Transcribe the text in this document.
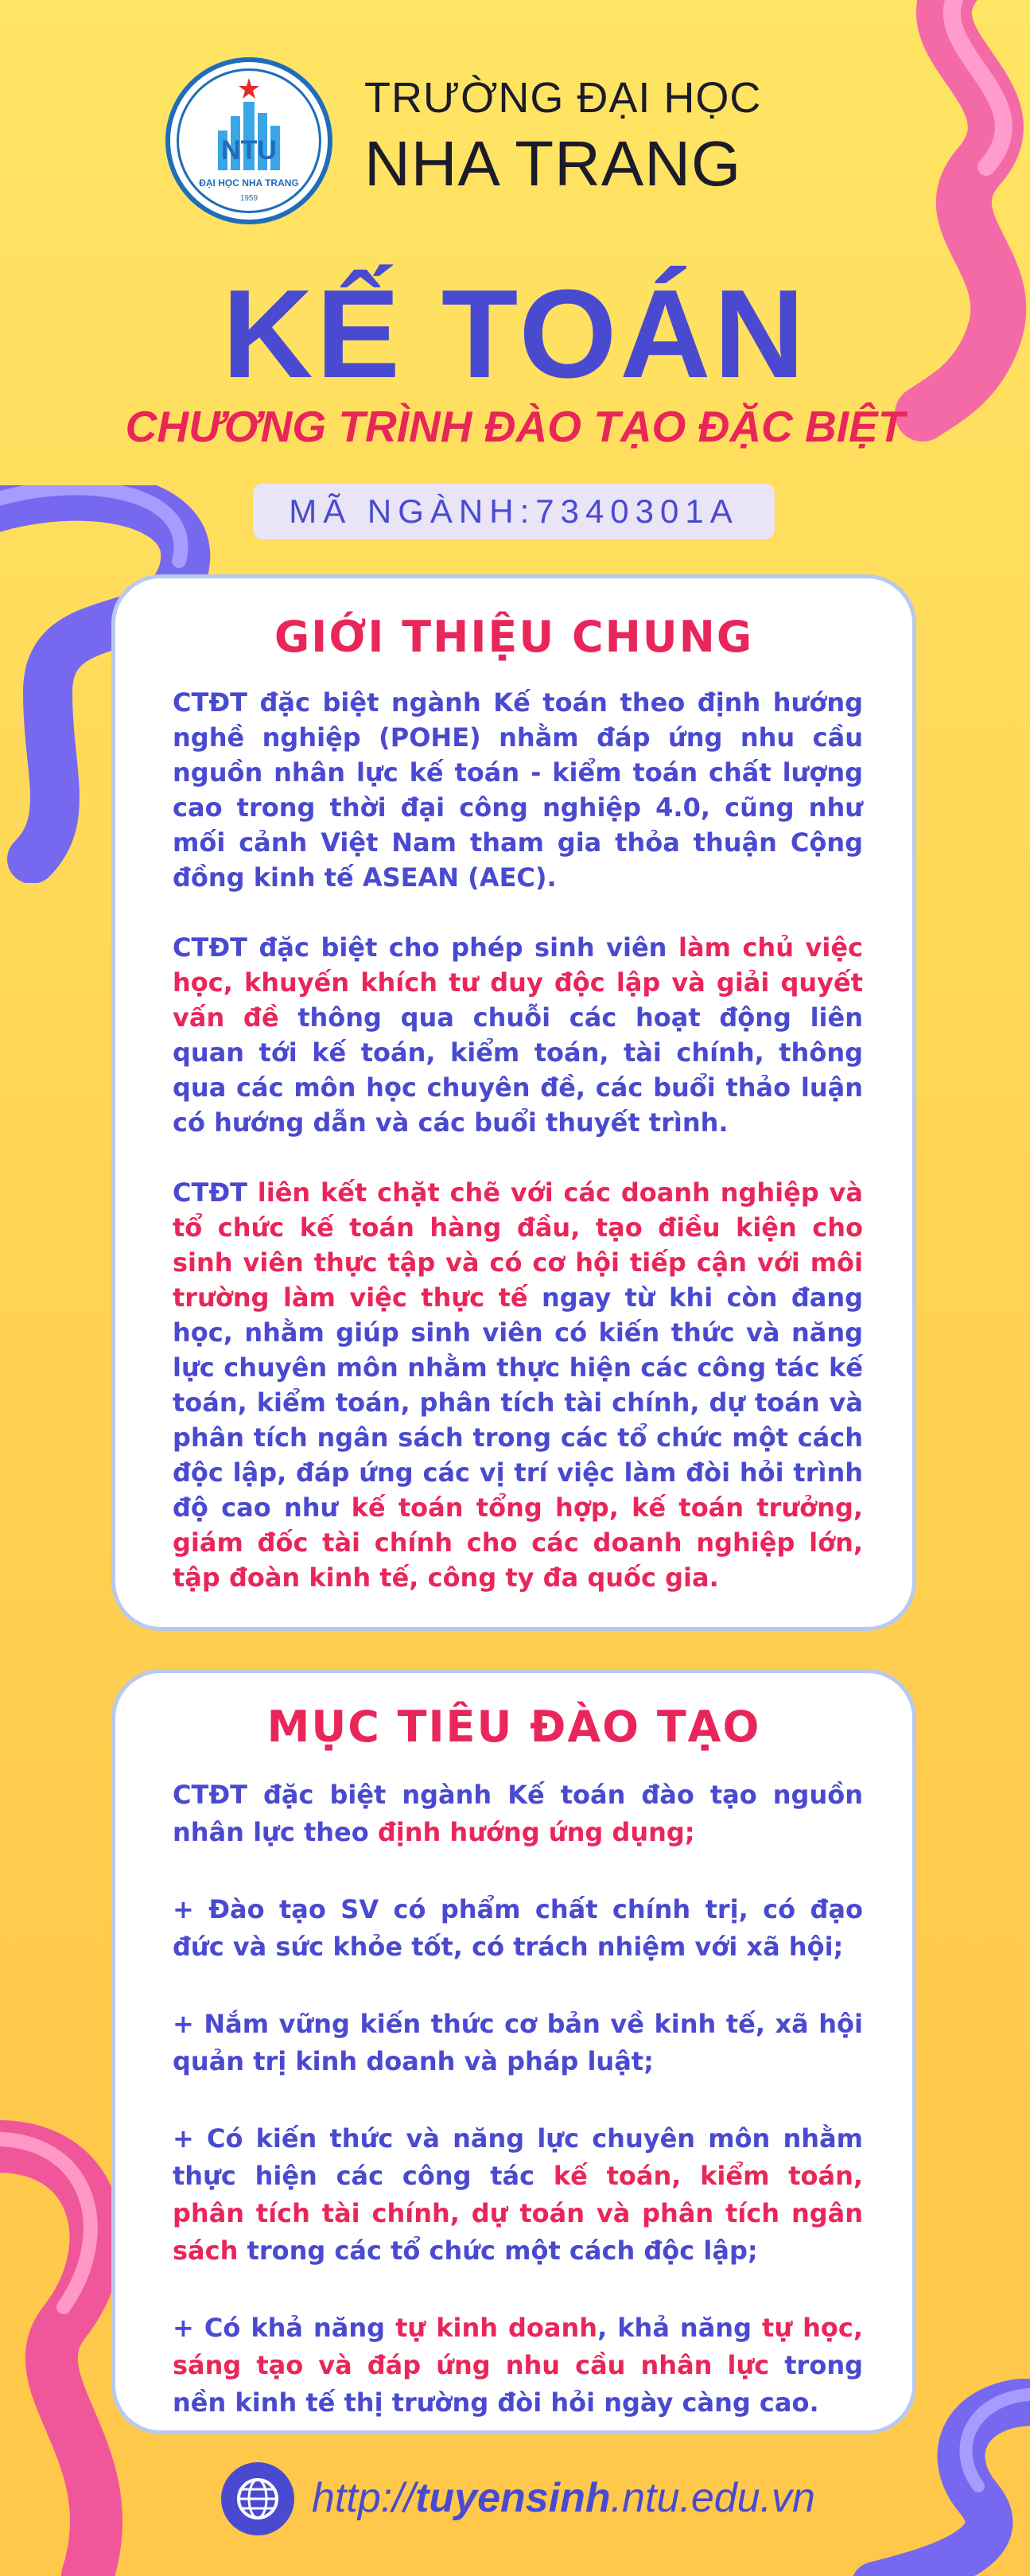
NTU
ĐẠI HỌC NHA TRANG
1959
TRƯỜNG ĐẠI HỌC
NHA TRANG
KẾ TOÁN
CHƯƠNG TRÌNH ĐÀO TẠO ĐẶC BIỆT
MÃ NGÀNH:7340301A
GIỚI THIỆU CHUNG

CTĐT đặc biệt ngành Kế toán theo định hướng nghề nghiệp (POHE) nhằm đáp ứng nhu cầu nguồn nhân lực kế toán - kiểm toán chất lượng cao trong thời đại công nghiệp 4.0, cũng như mối cảnh Việt Nam tham gia thỏa thuận Cộng đồng kinh tế ASEAN (AEC).

CTĐT đặc biệt cho phép sinh viên làm chủ việc học, khuyến khích tư duy độc lập và giải quyết vấn đề thông qua chuỗi các hoạt động liên quan tới kế toán, kiểm toán, tài chính, thông qua các môn học chuyên đề, các buổi thảo luận có hướng dẫn và các buổi thuyết trình.

CTĐT liên kết chặt chẽ với các doanh nghiệp và tổ chức kế toán hàng đầu, tạo điều kiện cho sinh viên thực tập và có cơ hội tiếp cận với môi trường làm việc thực tế ngay từ khi còn đang học, nhằm giúp sinh viên có kiến thức và năng lực chuyên môn nhằm thực hiện các công tác kế toán, kiểm toán, phân tích tài chính, dự toán và phân tích ngân sách trong các tổ chức một cách độc lập, đáp ứng các vị trí việc làm đòi hỏi trình độ cao như kế toán tổng hợp, kế toán trưởng, giám đốc tài chính cho các doanh nghiệp lớn, tập đoàn kinh tế, công ty đa quốc gia.

MỤC TIÊU ĐÀO TẠO

CTĐT đặc biệt ngành Kế toán đào tạo nguồn nhân lực theo định hướng ứng dụng;

+ Đào tạo SV có phẩm chất chính trị, có đạo đức và sức khỏe tốt, có trách nhiệm với xã hội;

+ Nắm vững kiến thức cơ bản về kinh tế, xã hội quản trị kinh doanh và pháp luật;

+ Có kiến thức và năng lực chuyên môn nhằm thực hiện các công tác kế toán, kiểm toán, phân tích tài chính, dự toán và phân tích ngân sách trong các tổ chức một cách độc lập;

+ Có khả năng tự kinh doanh, khả năng tự học, sáng tạo và đáp ứng nhu cầu nhân lực trong nền kinh tế thị trường đòi hỏi ngày càng cao.

http://tuyensinh.ntu.edu.vn
